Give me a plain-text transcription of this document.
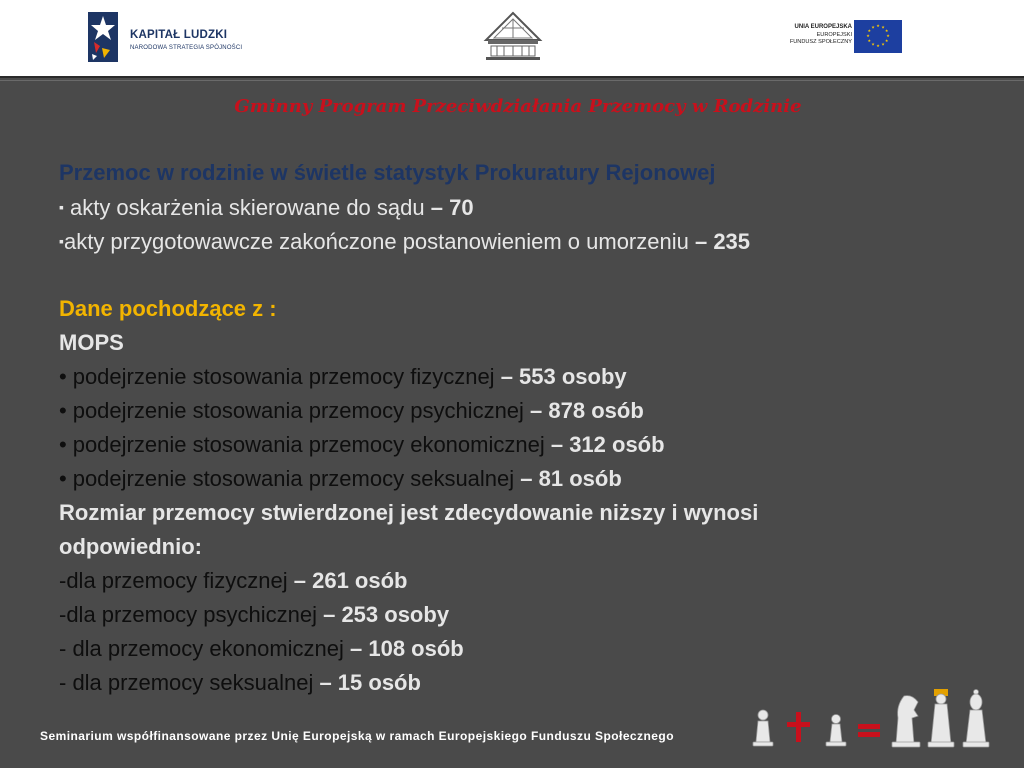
KAPITAŁ LUDZKI
NARODOWA STRATEGIA SPÓJNOŚCI
UNIA EUROPEJSKA
EUROPEJSKI
FUNDUSZ SPOŁECZNY
★ ★
★
★
★
★
★
★
★
★
★
★
Gminny Program Przeciwdziałania Przemocy w Rodzinie
Przemoc w rodzinie w świetle statystyk Prokuratury Rejonowej
▪ akty oskarżenia skierowane do sądu – 70
▪akty przygotowawcze zakończone postanowieniem o umorzeniu – 235
Dane pochodzące z :
MOPS
• podejrzenie stosowania przemocy fizycznej – 553 osoby
• podejrzenie stosowania przemocy psychicznej – 878 osób
• podejrzenie stosowania przemocy ekonomicznej – 312 osób
• podejrzenie stosowania przemocy seksualnej – 81 osób
Rozmiar przemocy stwierdzonej jest zdecydowanie niższy i wynosi
odpowiednio:
-dla przemocy fizycznej – 261 osób
-dla przemocy psychicznej – 253 osoby
- dla przemocy ekonomicznej – 108 osób
- dla przemocy seksualnej – 15 osób
Seminarium współfinansowane przez Unię Europejską w ramach Europejskiego Funduszu Społecznego
